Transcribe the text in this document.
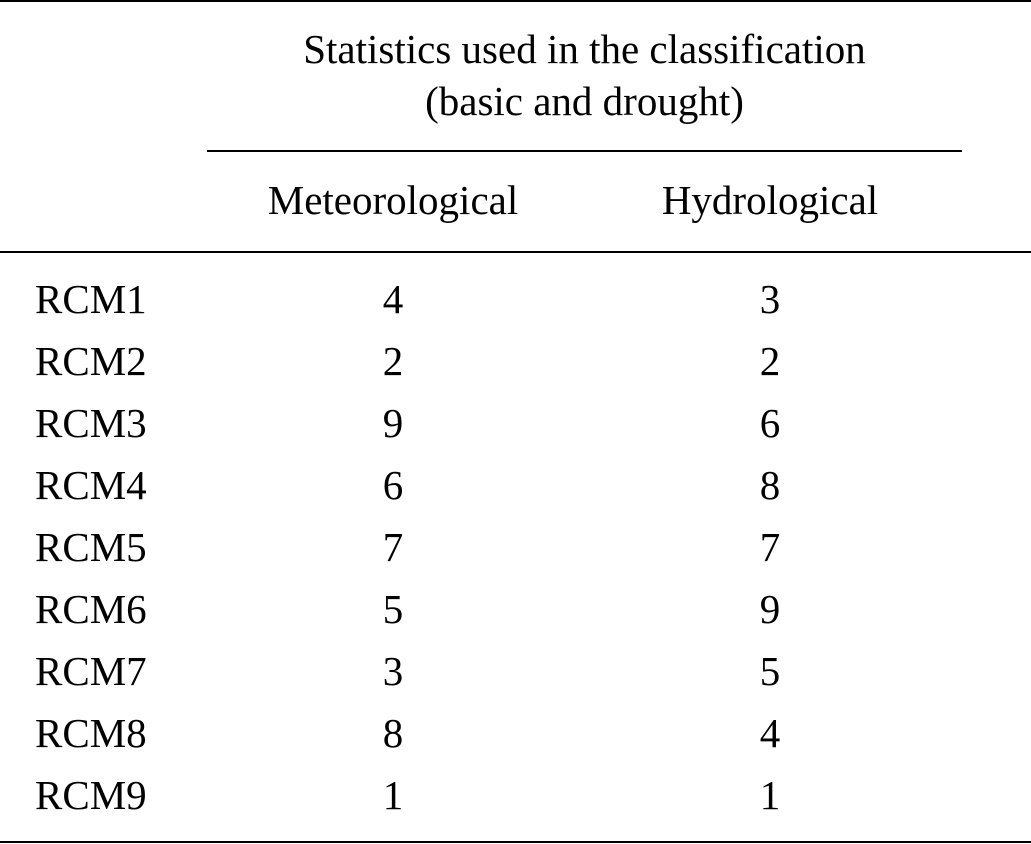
Statistics used in the classification
(basic and drought)
Meteorological	Hydrological
RCM1	4	3
RCM2	2	2
RCM3	9	6
RCM4	6	8
RCM5	7	7
RCM6	5	9
RCM7	3	5
RCM8	8	4
RCM9	1	1
